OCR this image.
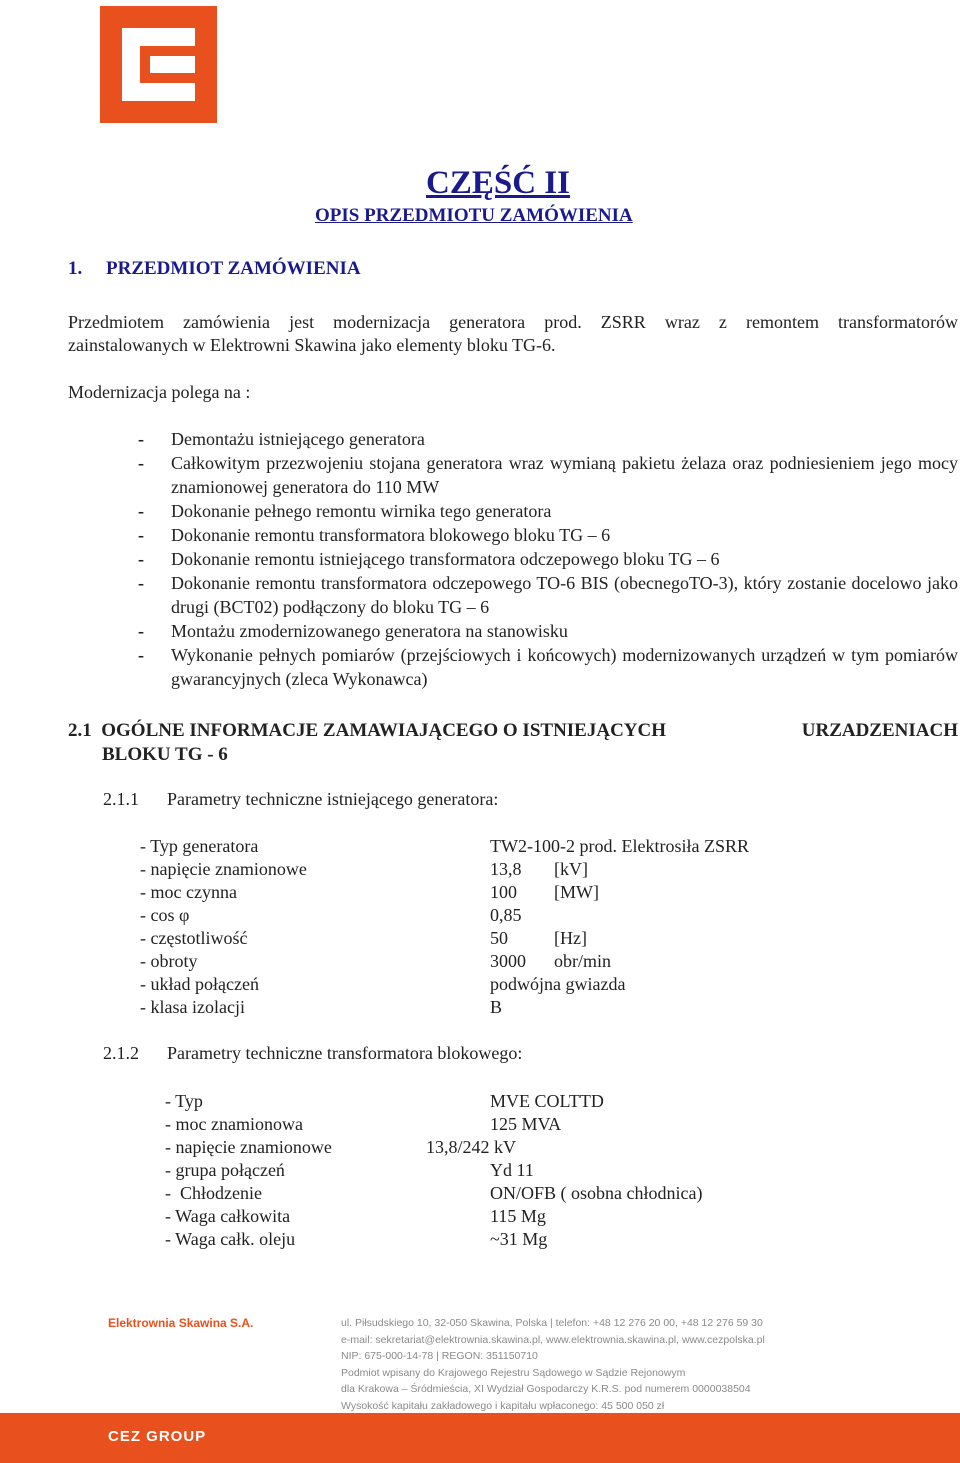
CZĘŚĆ II
OPIS PRZEDMIOTU ZAMÓWIENIA
1. PRZEDMIOT ZAMÓWIENIA
Przedmiotem zamówienia jest modernizacja generatora prod. ZSRR wraz z remontem transformatorów
zainstalowanych w Elektrowni Skawina jako elementy bloku TG-6.
Modernizacja polega na :
- Demontażu istniejącego generatora
- Całkowitym przezwojeniu stojana generatora wraz wymianą pakietu żelaza oraz podniesieniem jego mocy znamionowej generatora do 110 MW
- Dokonanie pełnego remontu wirnika tego generatora
- Dokonanie remontu transformatora blokowego bloku TG – 6
- Dokonanie remontu istniejącego transformatora odczepowego bloku TG – 6
- Dokonanie remontu transformatora odczepowego TO-6 BIS (obecnegoTO-3), który zostanie docelowo jako drugi (BCT02) podłączony do bloku TG – 6
- Montażu zmodernizowanego generatora na stanowisku
- Wykonanie pełnych pomiarów (przejściowych i końcowych) modernizowanych urządzeń w tym pomiarów gwarancyjnych (zleca Wykonawca)
2.1 OGÓLNE INFORMACJE ZAMAWIAJĄCEGO O ISTNIEJĄCYCH	URZADZENIACH
BLOKU TG - 6
2.1.1 Parametry techniczne istniejącego generatora:
- Typ generatora	TW2-100-2 prod. Elektrosiła ZSRR
- napięcie znamionowe	13,8 [kV]
- moc czynna	100 [MW]
- cos φ	0,85
- częstotliwość	50	[Hz]
- obroty	3000 obr/min
- układ połączeń	podwójna gwiazda
- klasa izolacji	B
2.1.2 Parametry techniczne transformatora blokowego:
- Typ	MVE COLTTD
- moc znamionowa	125 MVA
- napięcie znamionowe	13,8/242 kV
- grupa połączeń	Yd 11
-  Chłodzenie	ON/OFB ( osobna chłodnica)
- Waga całkowita	115 Mg
- Waga całk. oleju	~31 Mg
Elektrownia Skawina S.A.	ul. Piłsudskiego 10, 32-050 Skawina, Polska | telefon: +48 12 276 20 00, +48 12 276 59 30
e-mail: sekretariat@elektrownia.skawina.pl, www.elektrownia.skawina.pl, www.cezpolska.pl
NIP: 675-000-14-78 | REGON: 351150710
Podmiot wpisany do Krajowego Rejestru Sądowego w Sądzie Rejonowym
dla Krakowa – Śródmieścia, XI Wydział Gospodarczy K.R.S. pod numerem 0000038504
Wysokość kapitału zakładowego i kapitału wpłaconego: 45 500 050 zł
CEZ GROUP
